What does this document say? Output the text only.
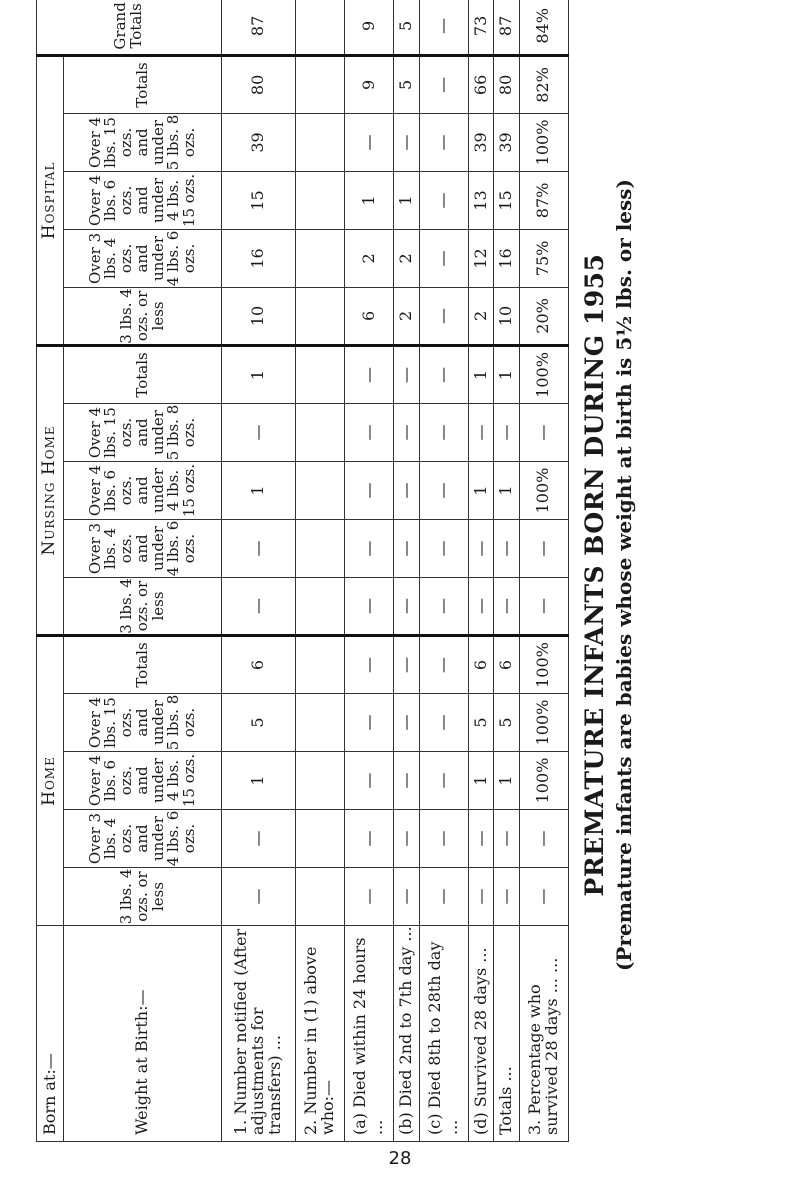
PREMATURE INFANTS BORN DURING 1955 (Premature infants are babies whose weight at birth is 5½ lbs. or less)
Born at:—	Home					Nursing Home					Hospital					Grand Totals
Weight at Birth:—	3 lbs. 4 ozs. or less	Over 3 lbs. 4 ozs. and under 4 lbs. 6 ozs.	Over 4 lbs. 6 ozs. and under 4 lbs. 15 ozs.	Over 4 lbs. 15 ozs. and under 5 lbs. 8 ozs.	Totals	3 lbs. 4 ozs. or less	Over 3 lbs. 4 ozs. and under 4 lbs. 6 ozs.	Over 4 lbs. 6 ozs. and under 4 lbs. 15 ozs.	Over 4 lbs. 15 ozs. and under 5 lbs. 8 ozs.	Totals	3 lbs. 4 ozs. or less	Over 3 lbs. 4 ozs. and under 4 lbs. 6 ozs.	Over 4 lbs. 6 ozs. and under 4 lbs. 15 ozs.	Over 4 lbs. 15 ozs. and under 5 lbs. 8 ozs.	Totals	
1. Number notified (After adjustments for transfers) ...	—	—	1	5	6	—	—	1	—	1	10	16	15	39	80	87
2. Number in (1) above who:—																
(a) Died within 24 hours ...	—	—	—	—	—	—	—	—	—	—	6	2	1	—	9	9
(b) Died 2nd to 7th day ...	—	—	—	—	—	—	—	—	—	—	2	2	1	—	5	5
(c) Died 8th to 28th day ...	—	—	—	—	—	—	—	—	—	—	—	—	—	—	—	—
(d) Survived 28 days ...	—	—	1	5	6	—	—	1	—	1	2	12	13	39	66	73
Totals ...	—	—	1	5	6	—	—	1	—	1	10	16	15	39	80	87
3. Percentage who survived 28 days ... ...	—	—	100%	100%	100%	—	—	100%	—	100%	20%	75%	87%	100%	82%	84%
28
